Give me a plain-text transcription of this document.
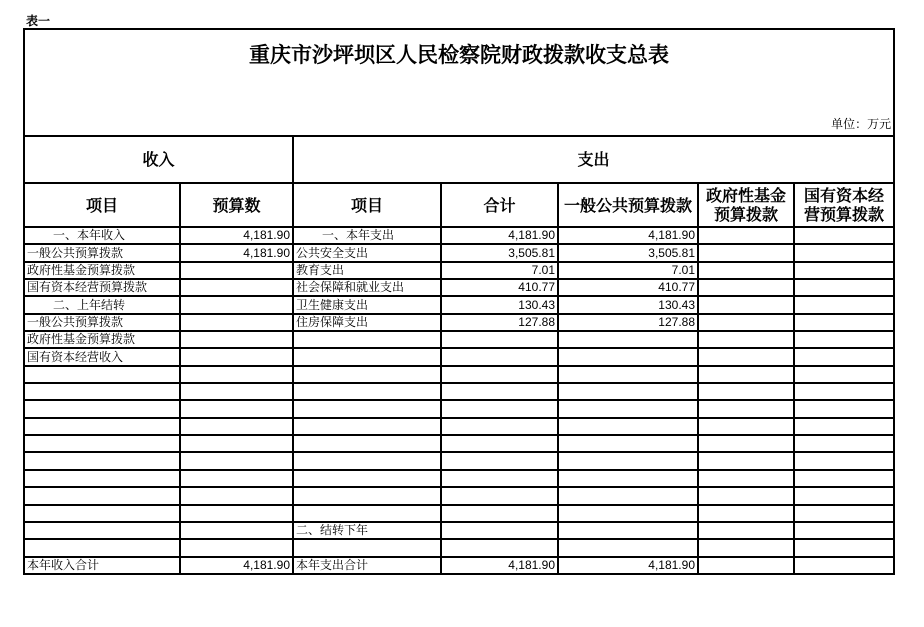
表一
重庆市沙坪坝区人民检察院财政拨款收支总表
单位：万元						

收入		支出				
项目	预算数	项目	合计	一般公共预算拨款	政府性基金预算拨款	国有资本经营预算拨款
一、本年收入	4,181.90	一、本年支出	4,181.90	4,181.90		
一般公共预算拨款	4,181.90	公共安全支出	3,505.81	3,505.81		
政府性基金预算拨款		教育支出	7.01	7.01		
国有资本经营预算拨款		社会保障和就业支出	410.77	410.77		
二、上年结转		卫生健康支出	130.43	130.43		
一般公共预算拨款		住房保障支出	127.88	127.88		
政府性基金预算拨款						
国有资本经营收入						

		二、结转下年				

本年收入合计	4,181.90	本年支出合计	4,181.90	4,181.90		
